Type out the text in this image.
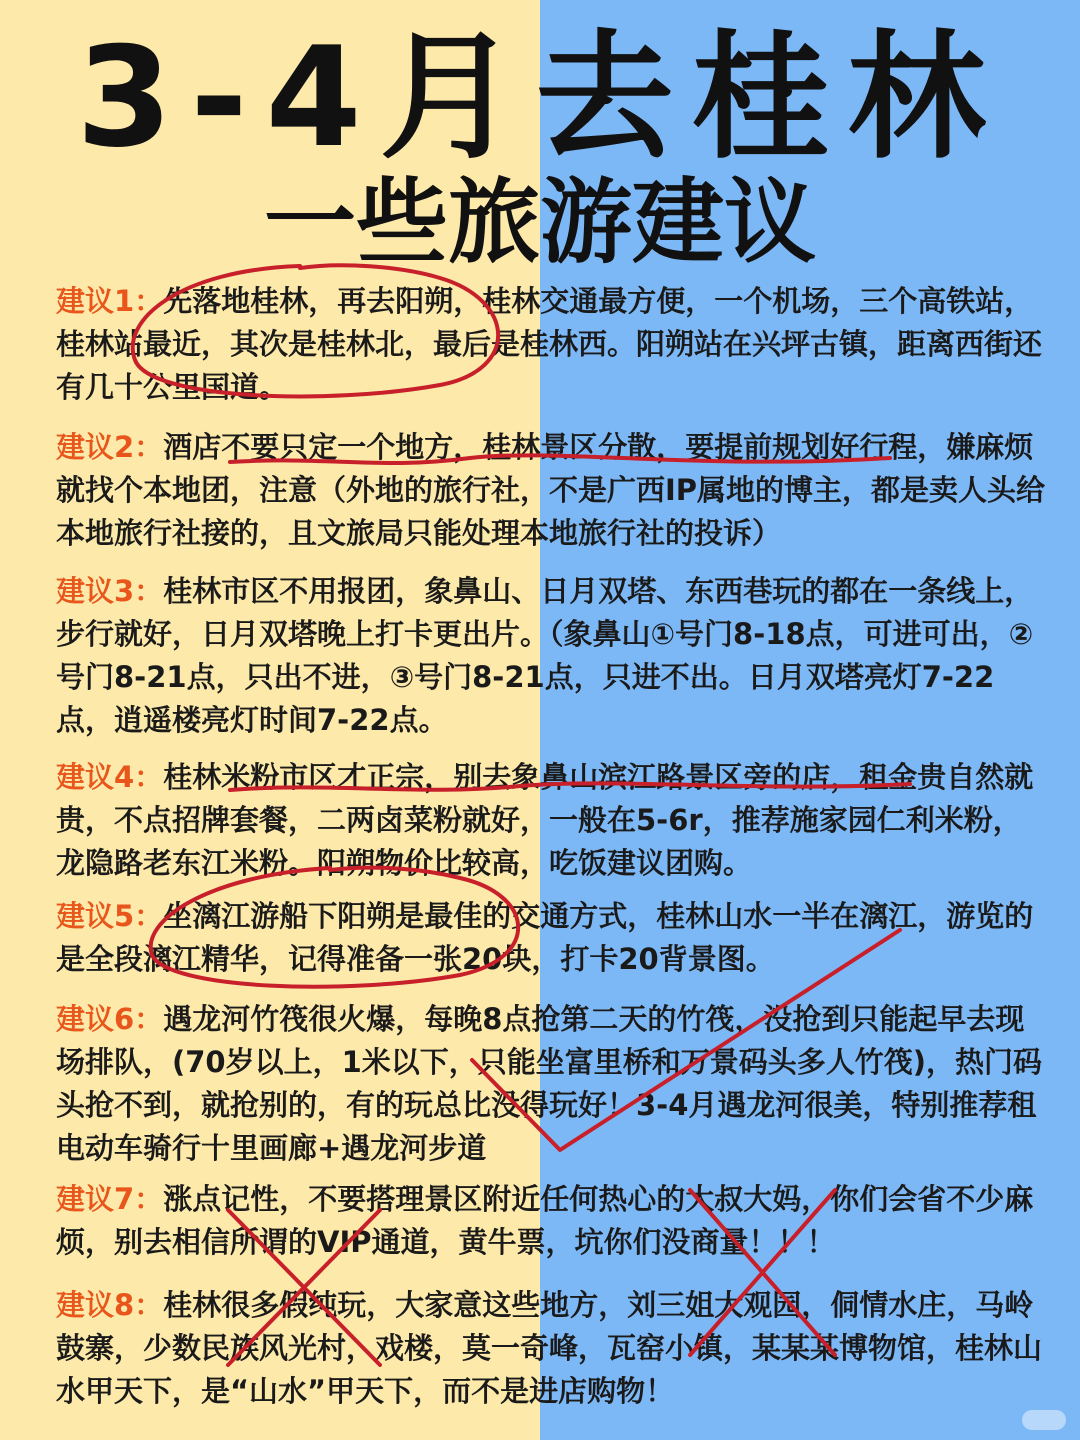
3-4月去桂林
一些旅游建议
建议1：先落地桂林，再去阳朔，桂林交通最方便，一个机场，三个高铁站，桂林站最近，其次是桂林北，最后是桂林西。阳朔站在兴坪古镇，距离西街还有几十公里国道。
建议2：酒店不要只定一个地方，桂林景区分散，要提前规划好行程，嫌麻烦就找个本地团，注意（外地的旅行社，不是广西IP属地的博主，都是卖人头给本地旅行社接的，且文旅局只能处理本地旅行社的投诉）
建议3：桂林市区不用报团，象鼻山、日月双塔、东西巷玩的都在一条线上，步行就好，日月双塔晚上打卡更出片。（象鼻山①号门8-18点，可进可出，②号门8-21点，只出不进，③号门8-21点，只进不出。日月双塔亮灯7-22点，逍遥楼亮灯时间7-22点。
建议4：桂林米粉市区才正宗，别去象鼻山滨江路景区旁的店，租金贵自然就贵，不点招牌套餐，二两卤菜粉就好，一般在5-6r，推荐施家园仁利米粉，龙隐路老东江米粉。阳朔物价比较高，吃饭建议团购。
建议5：坐漓江游船下阳朔是最佳的交通方式，桂林山水一半在漓江，游览的是全段漓江精华，记得准备一张20块，打卡20背景图。
建议6：遇龙河竹筏很火爆，每晚8点抢第二天的竹筏，没抢到只能起早去现场排队，(70岁以上，1米以下，只能坐富里桥和万景码头多人竹筏)，热门码头抢不到，就抢别的，有的玩总比没得玩好！3-4月遇龙河很美，特别推荐租电动车骑行十里画廊+遇龙河步道
建议7：涨点记性，不要搭理景区附近任何热心的大叔大妈，你们会省不少麻烦，别去相信所谓的VIP通道，黄牛票，坑你们没商量！！！
建议8：桂林很多假纯玩，大家意这些地方，刘三姐大观园，侗情水庄，马岭鼓寨，少数民族风光村，戏楼，莫一奇峰，瓦窑小镇，某某某博物馆，桂林山水甲天下，是“山水”甲天下，而不是进店购物！
